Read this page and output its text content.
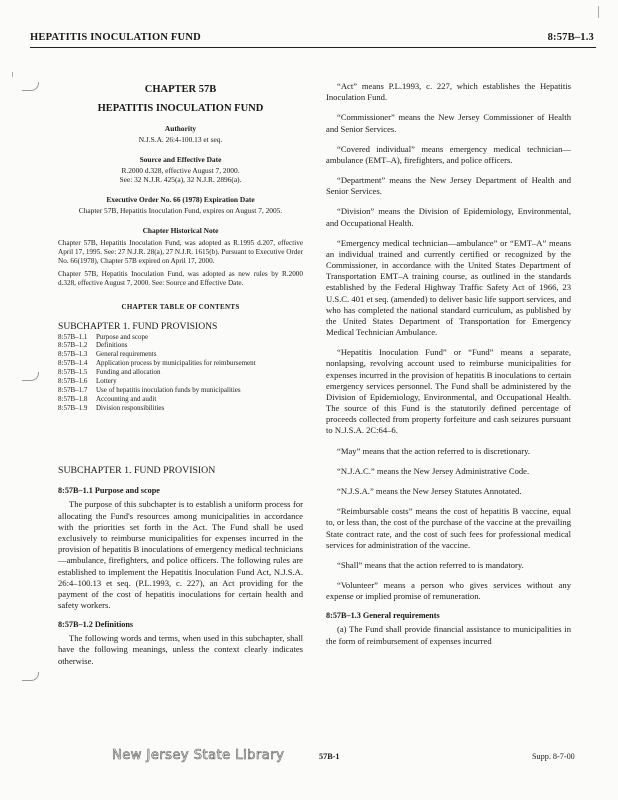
HEPATITIS INOCULATION FUND	8:57B–1.3
CHAPTER 57B
HEPATITIS INOCULATION FUND
Authority
N.J.S.A. 26:4-100.13 et seq.
Source and Effective Date
R.2000 d.328, effective August 7, 2000.
See: 32 N.J.R. 425(a), 32 N.J.R. 2896(a).
Executive Order No. 66 (1978) Expiration Date
Chapter 57B, Hepatitis Inoculation Fund, expires on August 7, 2005.
Chapter Historical Note
Chapter 57B, Hepatitis Inoculation Fund, was adopted as R.1995 d.207, effective April 17, 1995. See: 27 N.J.R. 28(a), 27 N.J.R. 1615(b). Pursuant to Executive Order No. 66(1978), Chapter 57B expired on April 17, 2000.
Chapter 57B, Hepatitis Inoculation Fund, was adopted as new rules by R.2000 d.328, effective August 7, 2000. See: Source and Effective Date.
CHAPTER TABLE OF CONTENTS
SUBCHAPTER 1. FUND PROVISIONS
8:57B–1.1	Purpose and scope
8:57B–1.2	Definitions
8:57B–1.3	General requirements
8:57B–1.4	Application process by municipalities for reimbursement
8:57B–1.5	Funding and allocation
8:57B–1.6	Lottery
8:57B–1.7	Use of hepatitis inoculation funds by municipalities
8:57B–1.8	Accounting and audit
8:57B–1.9	Division responsibilities
SUBCHAPTER 1. FUND PROVISION
8:57B–1.1 Purpose and scope

The purpose of this subchapter is to establish a uniform process for allocating the Fund's resources among municipalities in accordance with the priorities set forth in the Act. The Fund shall be used exclusively to reimburse municipalities for expenses incurred in the provision of hepatitis B inoculations of emergency medical technicians—ambulance, firefighters, and police officers. The following rules are established to implement the Hepatitis Inoculation Fund Act, N.J.S.A. 26:4–100.13 et seq. (P.L.1993, c. 227), an Act providing for the payment of the cost of hepatitis inoculations for certain health and safety workers.

8:57B–1.2 Definitions

The following words and terms, when used in this subchapter, shall have the following meanings, unless the context clearly indicates otherwise.

“Act” means P.L.1993, c. 227, which establishes the Hepatitis Inoculation Fund.

“Commissioner” means the New Jersey Commissioner of Health and Senior Services.

“Covered individual” means emergency medical technician—ambulance (EMT–A), firefighters, and police officers.

“Department” means the New Jersey Department of Health and Senior Services.

“Division” means the Division of Epidemiology, Environmental, and Occupational Health.

“Emergency medical technician—ambulance” or “EMT–A” means an individual trained and currently certified or recognized by the Commissioner, in accordance with the United States Department of Transportation EMT–A training course, as outlined in the standards established by the Federal Highway Traffic Safety Act of 1966, 23 U.S.C. 401 et seq. (amended) to deliver basic life support services, and who has completed the national standard curriculum, as published by the United States Department of Transportation for Emergency Medical Technician Ambulance.

“Hepatitis Inoculation Fund” or “Fund” means a separate, nonlapsing, revolving account used to reimburse municipalities for expenses incurred in the provision of hepatitis B inoculations to certain emergency services personnel. The Fund shall be administered by the Division of Epidemiology, Environmental, and Occupational Health. The source of this Fund is the statutorily defined percentage of proceeds collected from property forfeiture and cash seizures pursuant to N.J.S.A. 2C:64–6.

“May” means that the action referred to is discretionary.

“N.J.A.C.” means the New Jersey Administrative Code.

“N.J.S.A.” means the New Jersey Statutes Annotated.

“Reimbursable costs” means the cost of hepatitis B vaccine, equal to, or less than, the cost of the purchase of the vaccine at the prevailing State contract rate, and the cost of such fees for professional medical services for administration of the vaccine.

“Shall” means that the action referred to is mandatory.

“Volunteer” means a person who gives services without any expense or implied promise of remuneration.

8:57B–1.3 General requirements

(a) The Fund shall provide financial assistance to municipalities in the form of reimbursement of expenses incurred

New Jersey State Library	57B-1	Supp. 8-7-00
